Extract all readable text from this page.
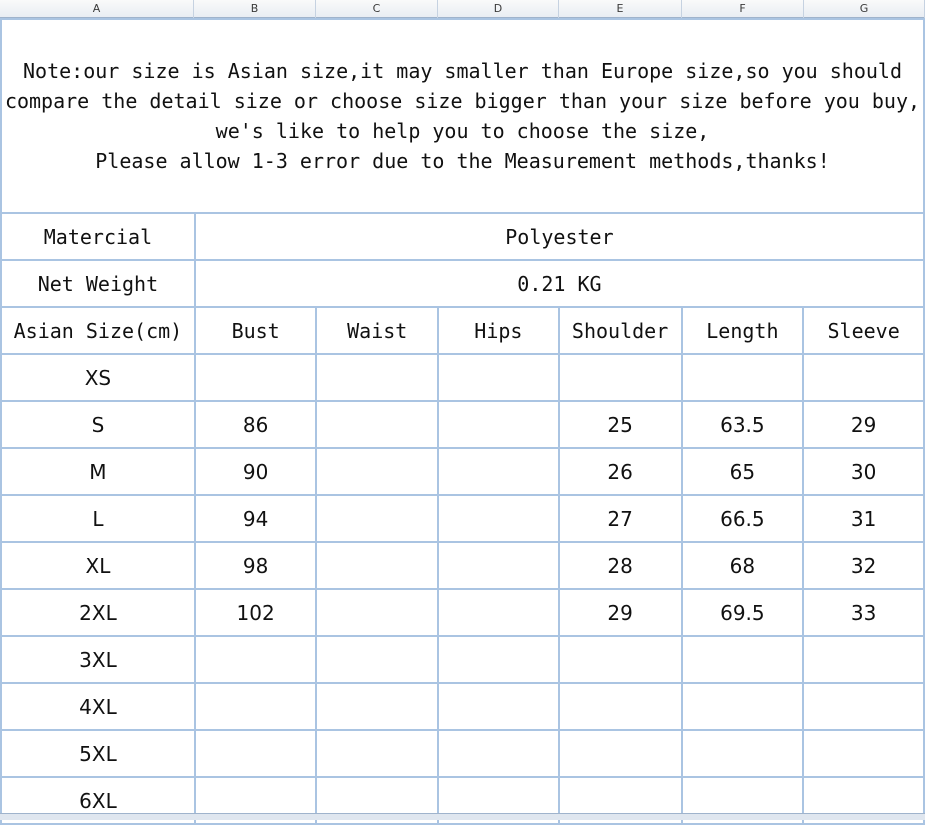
A	B	C	D	E	F	G
Note:our size is Asian size,it may smaller than Europe size,so you should
compare the detail size or choose size bigger than your size before you buy,
we's like to help you to choose the size,
Please allow 1-3 error due to the Measurement methods,thanks!						

Matercial	Polyester					
Net Weight	0.21 KG					
Asian Size(cm)	Bust	Waist	Hips	Shoulder	Length	Sleeve
XS						
S	86			25	63.5	29
M	90			26	65	30
L	94			27	66.5	31
XL	98			28	68	32
2XL	102			29	69.5	33
3XL						
4XL						
5XL						
6XL						
